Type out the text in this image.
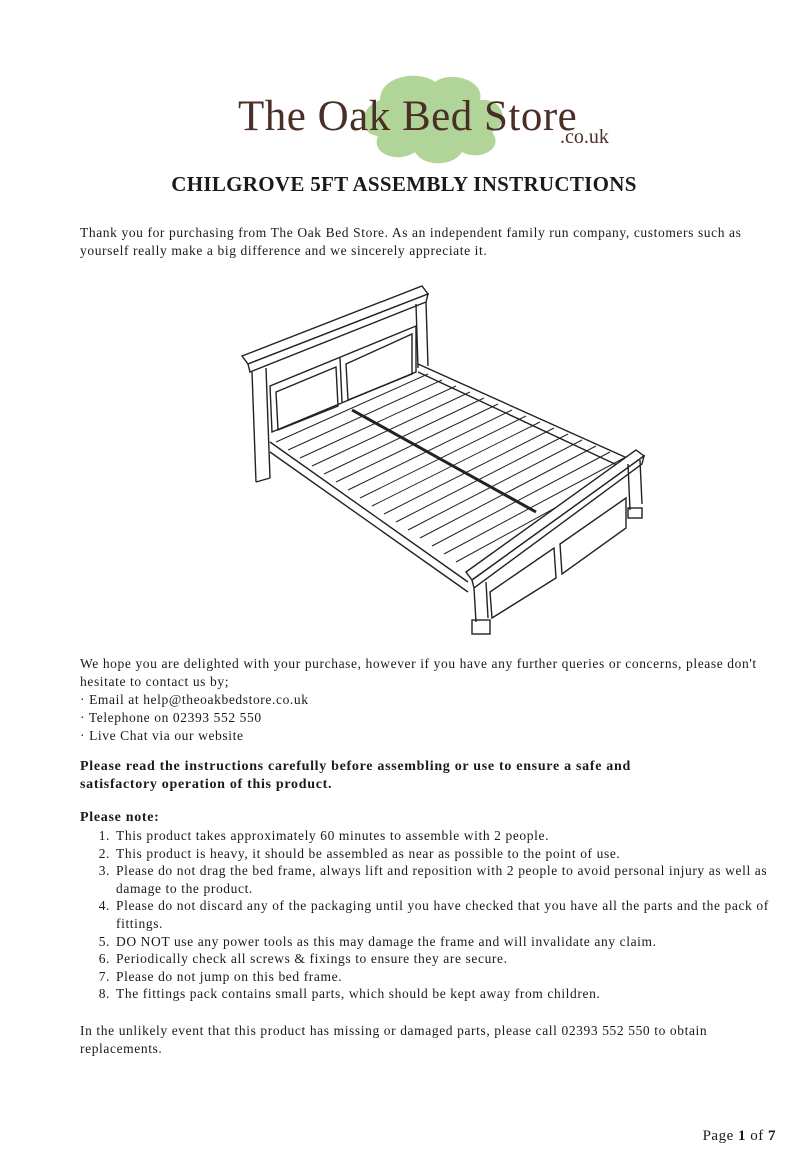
The Oak Bed Store
.co.uk
CHILGROVE 5FT ASSEMBLY INSTRUCTIONS

Thank you for purchasing from The Oak Bed Store. As an independent family run company, customers such as yourself really make a big difference and we sincerely appreciate it.

We hope you are delighted with your purchase, however if you have any further queries or concerns, please don't hesitate to contact us by;
· Email at help@theoakbedstore.co.uk
· Telephone on 02393 552 550
· Live Chat via our website

Please read the instructions carefully before assembling or use to ensure a safe and satisfactory operation of this product.

Please note:

1. This product takes approximately 60 minutes to assemble with 2 people.
2. This product is heavy, it should be assembled as near as possible to the point of use.
3. Please do not drag the bed frame, always lift and reposition with 2 people to avoid personal injury as well as damage to the product.
4. Please do not discard any of the packaging until you have checked that you have all the parts and the pack of fittings.
5. DO NOT use any power tools as this may damage the frame and will invalidate any claim.
6. Periodically check all screws & fixings to ensure they are secure.
7. Please do not jump on this bed frame.
8. The fittings pack contains small parts, which should be kept away from children.

In the unlikely event that this product has missing or damaged parts, please call 02393 552 550 to obtain replacements.

Page 1 of 7
